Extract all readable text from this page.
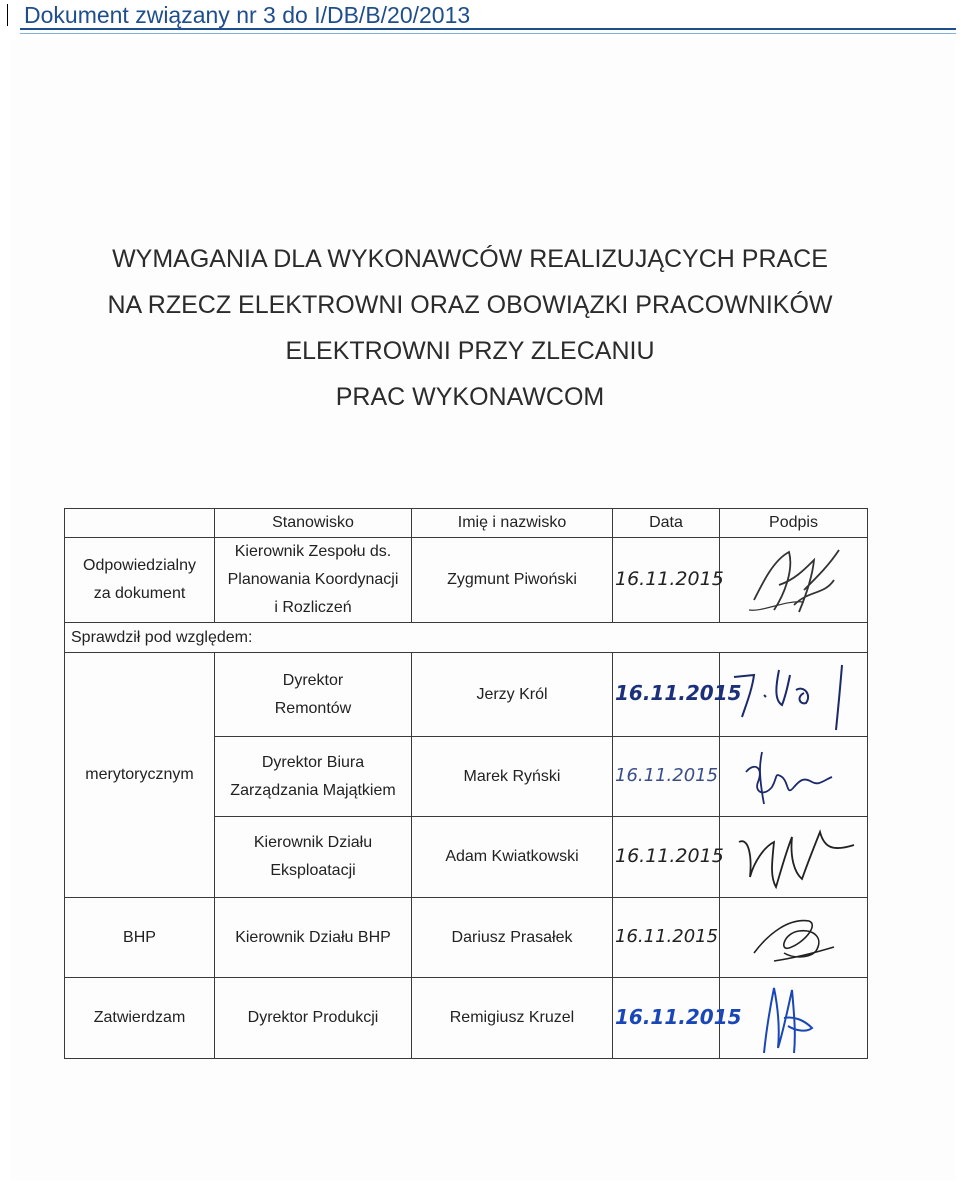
Dokument związany nr 3 do I/DB/B/20/2013
WYMAGANIA DLA WYKONAWCÓW REALIZUJĄCYCH PRACE
NA RZECZ ELEKTROWNI ORAZ OBOWIĄZKI PRACOWNIKÓW
ELEKTROWNI PRZY ZLECANIU
PRAC WYKONAWCOM
	Stanowisko	Imię i nazwisko	Data	Podpis

Odpowiedzialny
za dokument	Kierownik Zespołu ds.
Planowania Koordynacji
i Rozliczeń	Zygmunt Piwoński	16.11.2015	

Sprawdził pod względem:				
merytorycznym	Dyrektor
Remontów	Jerzy Król	16.11.2015	

	Dyrektor Biura
Zarządzania Majątkiem	Marek Ryński	16.11.2015	

	Kierownik Działu
Eksploatacji	Adam Kwiatkowski	16.11.2015	

BHP	Kierownik Działu BHP	Dariusz Prasałek	16.11.2015	

Zatwierdzam	Dyrektor Produkcji	Remigiusz Kruzel	16.11.2015	
